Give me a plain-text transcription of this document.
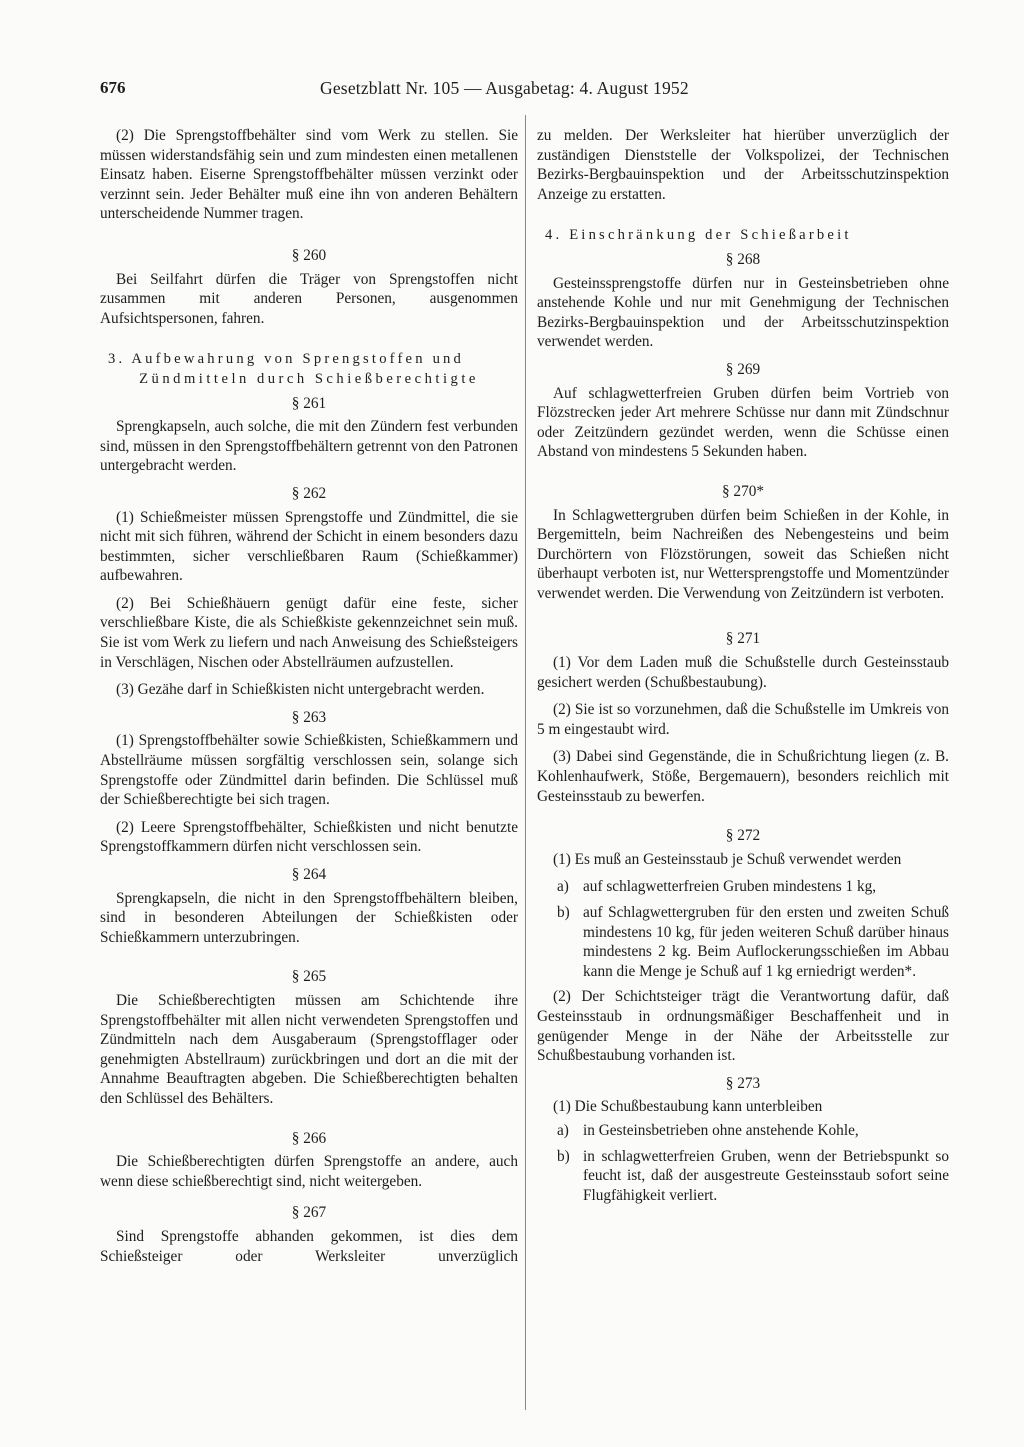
676	Gesetzblatt Nr. 105 — Ausgabetag: 4. August 1952

(2) Die Sprengstoffbehälter sind vom Werk zu stellen. Sie müssen widerstandsfähig sein und zum mindesten einen metallenen Einsatz haben. Eiserne Sprengstoffbehälter müssen verzinkt oder verzinnt sein. Jeder Behälter muß eine ihn von anderen Behältern unterscheidende Nummer tragen.

§ 260

Bei Seilfahrt dürfen die Träger von Sprengstoffen nicht zusammen mit anderen Personen, ausgenommen Aufsichtspersonen, fahren.

3. Aufbewahrung von Sprengstoffen und
Zündmitteln durch Schießberechtigte
§ 261

Sprengkapseln, auch solche, die mit den Zündern fest verbunden sind, müssen in den Sprengstoffbehältern getrennt von den Patronen untergebracht werden.

§ 262

(1) Schießmeister müssen Sprengstoffe und Zündmittel, die sie nicht mit sich führen, während der Schicht in einem besonders dazu bestimmten, sicher verschließbaren Raum (Schießkammer) aufbewahren.

(2) Bei Schießhäuern genügt dafür eine feste, sicher verschließbare Kiste, die als Schießkiste gekennzeichnet sein muß. Sie ist vom Werk zu liefern und nach Anweisung des Schießsteigers in Verschlägen, Nischen oder Abstellräumen aufzustellen.

(3) Gezähe darf in Schießkisten nicht untergebracht werden.

§ 263

(1) Sprengstoffbehälter sowie Schießkisten, Schießkammern und Abstellräume müssen sorgfältig verschlossen sein, solange sich Sprengstoffe oder Zündmittel darin befinden. Die Schlüssel muß der Schießberechtigte bei sich tragen.

(2) Leere Sprengstoffbehälter, Schießkisten und nicht benutzte Sprengstoffkammern dürfen nicht verschlossen sein.

§ 264

Sprengkapseln, die nicht in den Sprengstoffbehältern bleiben, sind in besonderen Abteilungen der Schießkisten oder Schießkammern unterzubringen.

§ 265

Die Schießberechtigten müssen am Schichtende ihre Sprengstoffbehälter mit allen nicht verwendeten Sprengstoffen und Zündmitteln nach dem Ausgaberaum (Sprengstofflager oder genehmigten Abstellraum) zurückbringen und dort an die mit der Annahme Beauftragten abgeben. Die Schießberechtigten behalten den Schlüssel des Behälters.

§ 266

Die Schießberechtigten dürfen Sprengstoffe an andere, auch wenn diese schießberechtigt sind, nicht weitergeben.

§ 267

Sind Sprengstoffe abhanden gekommen, ist dies dem Schießsteiger oder Werksleiter unverzüglich

zu melden. Der Werksleiter hat hierüber unverzüglich der zuständigen Dienststelle der Volkspolizei, der Technischen Bezirks-Bergbauinspektion und der Arbeitsschutzinspektion Anzeige zu erstatten.

4. Einschränkung der Schießarbeit
§ 268

Gesteinssprengstoffe dürfen nur in Gesteinsbetrieben ohne anstehende Kohle und nur mit Genehmigung der Technischen Bezirks-Bergbauinspektion und der Arbeitsschutzinspektion verwendet werden.

§ 269

Auf schlagwetterfreien Gruben dürfen beim Vortrieb von Flözstrecken jeder Art mehrere Schüsse nur dann mit Zündschnur oder Zeitzündern gezündet werden, wenn die Schüsse einen Abstand von mindestens 5 Sekunden haben.

§ 270*

In Schlagwettergruben dürfen beim Schießen in der Kohle, in Bergemitteln, beim Nachreißen des Nebengesteins und beim Durchörtern von Flözstörungen, soweit das Schießen nicht überhaupt verboten ist, nur Wettersprengstoffe und Momentzünder verwendet werden. Die Verwendung von Zeitzündern ist verboten.

§ 271

(1) Vor dem Laden muß die Schußstelle durch Gesteinsstaub gesichert werden (Schußbestaubung).

(2) Sie ist so vorzunehmen, daß die Schußstelle im Umkreis von 5 m eingestaubt wird.

(3) Dabei sind Gegenstände, die in Schußrichtung liegen (z. B. Kohlenhaufwerk, Stöße, Bergemauern), besonders reichlich mit Gesteinsstaub zu bewerfen.

§ 272

(1) Es muß an Gesteinsstaub je Schuß verwendet werden

a) auf schlagwetterfreien Gruben mindestens 1 kg,
b) auf Schlagwettergruben für den ersten und zweiten Schuß mindestens 10 kg, für jeden weiteren Schuß darüber hinaus mindestens 2 kg. Beim Auflockerungsschießen im Abbau kann die Menge je Schuß auf 1 kg erniedrigt werden*.

(2) Der Schichtsteiger trägt die Verantwortung dafür, daß Gesteinsstaub in ordnungsmäßiger Beschaffenheit und in genügender Menge in der Nähe der Arbeitsstelle zur Schußbestaubung vorhanden ist.

§ 273

(1) Die Schußbestaubung kann unterbleiben

a) in Gesteinsbetrieben ohne anstehende Kohle,
b) in schlagwetterfreien Gruben, wenn der Betriebspunkt so feucht ist, daß der ausgestreute Gesteinsstaub sofort seine Flugfähigkeit verliert.
